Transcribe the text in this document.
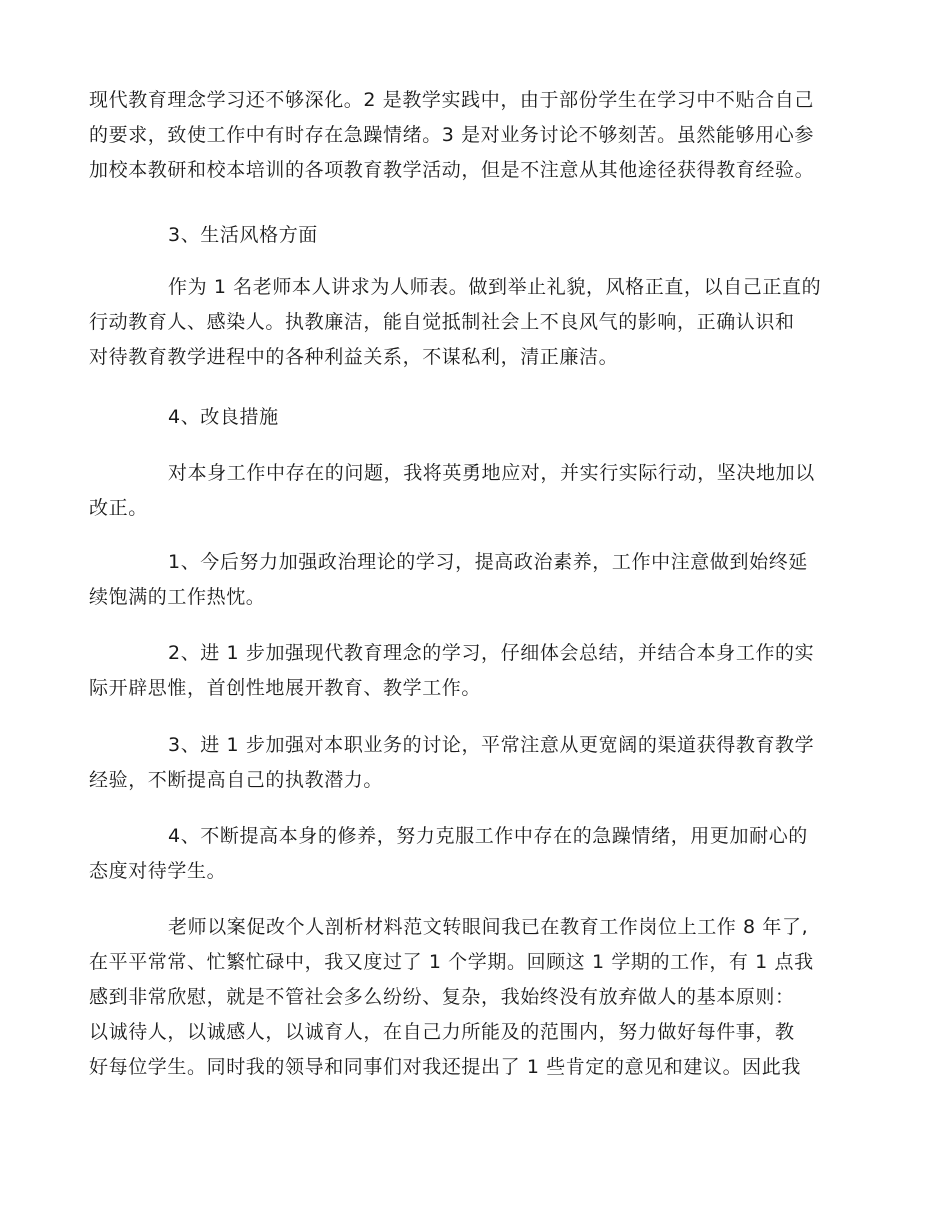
现代教育理念学习还不够深化。2 是教学实践中，由于部份学生在学习中不贴合自己
的要求，致使工作中有时存在急躁情绪。3 是对业务讨论不够刻苦。虽然能够用心参
加校本教研和校本培训的各项教育教学活动，但是不注意从其他途径获得教育经验。

3、生活风格方面

作为 1 名老师本人讲求为人师表。做到举止礼貌，风格正直，以自己正直的
行动教育人、感染人。执教廉洁，能自觉抵制社会上不良风气的影响，正确认识和
对待教育教学进程中的各种利益关系，不谋私利，清正廉洁。

4、改良措施

对本身工作中存在的问题，我将英勇地应对，并实行实际行动，坚决地加以
改正。

1、今后努力加强政治理论的学习，提高政治素养，工作中注意做到始终延
续饱满的工作热忱。

2、进 1 步加强现代教育理念的学习，仔细体会总结，并结合本身工作的实
际开辟思惟，首创性地展开教育、教学工作。

3、进 1 步加强对本职业务的讨论，平常注意从更宽阔的渠道获得教育教学
经验，不断提高自己的执教潜力。

4、不断提高本身的修养，努力克服工作中存在的急躁情绪，用更加耐心的
态度对待学生。

老师以案促改个人剖析材料范文转眼间我已在教育工作岗位上工作 8 年了,
在平平常常、忙繁忙碌中，我又度过了 1 个学期。回顾这 1 学期的工作，有 1 点我
感到非常欣慰，就是不管社会多么纷纷、复杂，我始终没有放弃做人的基本原则：
以诚待人，以诚感人，以诚育人，在自己力所能及的范围内，努力做好每件事，教
好每位学生。同时我的领导和同事们对我还提出了 1 些肯定的意见和建议。因此我
